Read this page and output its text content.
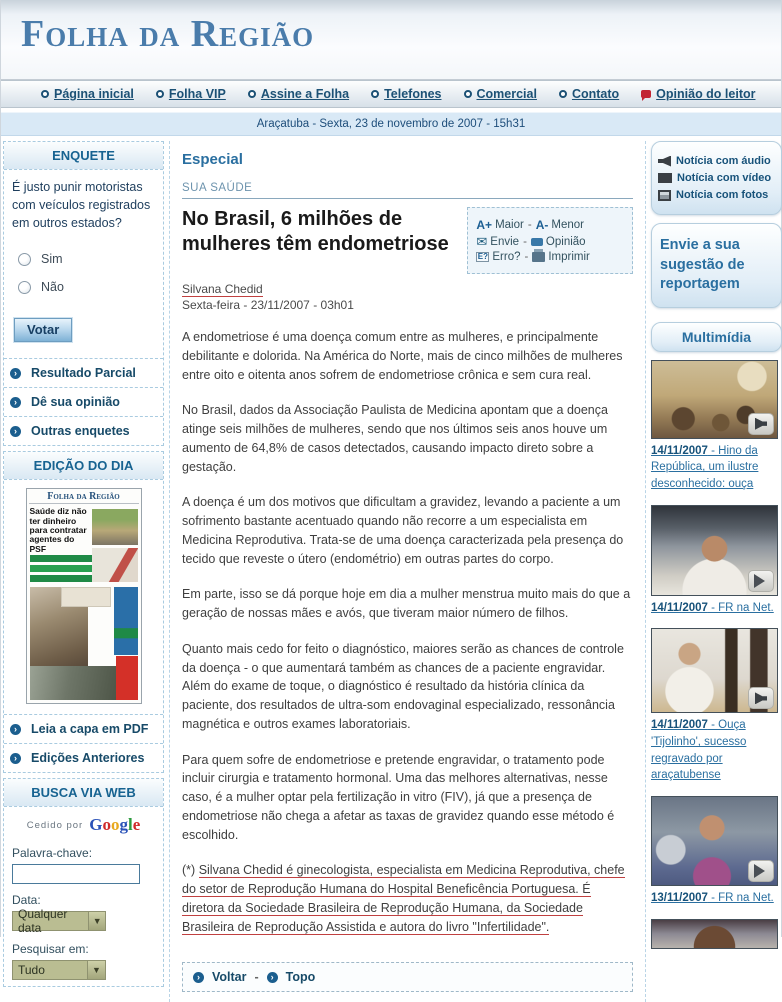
Folha da Região
Página inicial	Folha VIP	Assine a Folha	Telefones	Comercial	Contato	Opinião do leitor
Araçatuba - Sexta, 23 de novembro de 2007 - 15h31
ENQUETE
É justo punir motoristas com veículos registrados em outros estados?
Sim
Não
Votar
›	Resultado Parcial
›	Dê sua opinião
›	Outras enquetes
EDIÇÃO DO DIA
Folha da Região
Saúde diz não ter dinheiro para contratar agentes do PSF
›	Leia a capa em PDF
›	Edições Anteriores
BUSCA VIA WEB
Cedido por Google
Palavra-chave:
Data:
Qualquer data	▼
Pesquisar em:
Tudo	▼
Especial
SUA SAÚDE
No Brasil, 6 milhões de mulheres têm endometriose
A+ Maior - A- Menor
✉ Envie - Opinião
E? Erro? - Imprimir
Silvana Chedid
Sexta-feira - 23/11/2007 - 03h01

A endometriose é uma doença comum entre as mulheres, e principalmente debilitante e dolorida. Na América do Norte, mais de cinco milhões de mulheres entre oito e oitenta anos sofrem de endometriose crônica e sem cura real.

No Brasil, dados da Associação Paulista de Medicina apontam que a doença atinge seis milhões de mulheres, sendo que nos últimos seis anos houve um aumento de 64,8% de casos detectados, causando impacto direto sobre a gestação.

A doença é um dos motivos que dificultam a gravidez, levando a paciente a um sofrimento bastante acentuado quando não recorre a um especialista em Medicina Reprodutiva. Trata-se de uma doença caracterizada pela presença do tecido que reveste o útero (endométrio) em outras partes do corpo.

Em parte, isso se dá porque hoje em dia a mulher menstrua muito mais do que a geração de nossas mães e avós, que tiveram maior número de filhos.

Quanto mais cedo for feito o diagnóstico, maiores serão as chances de controle da doença - o que aumentará também as chances de a paciente engravidar. Além do exame de toque, o diagnóstico é resultado da história clínica da paciente, dos resultados de ultra-som endovaginal especializado, ressonância magnética e outros exames laboratoriais.

Para quem sofre de endometriose e pretende engravidar, o tratamento pode incluir cirurgia e tratamento hormonal. Uma das melhores alternativas, nesse caso, é a mulher optar pela fertilização in vitro (FIV), já que a presença de endometriose não chega a afetar as taxas de gravidez quando esse método é escolhido.

(*) Silvana Chedid é ginecologista, especialista em Medicina Reprodutiva, chefe do setor de Reprodução Humana do Hospital Beneficência Portuguesa. É diretora da Sociedade Brasileira de Reprodução Humana, da Sociedade Brasileira de Reprodução Assistida e autora do livro "Infertilidade".

› Voltar -	› Topo
Notícia com áudio
Notícia com vídeo
Notícia com fotos
Envie a sua sugestão de reportagem
Multimídia
14/11/2007 - Hino da República, um ilustre desconhecido: ouça
14/11/2007 - FR na Net.
14/11/2007 - Ouça 'Tijolinho', sucesso regravado por araçatubense
13/11/2007 - FR na Net.
